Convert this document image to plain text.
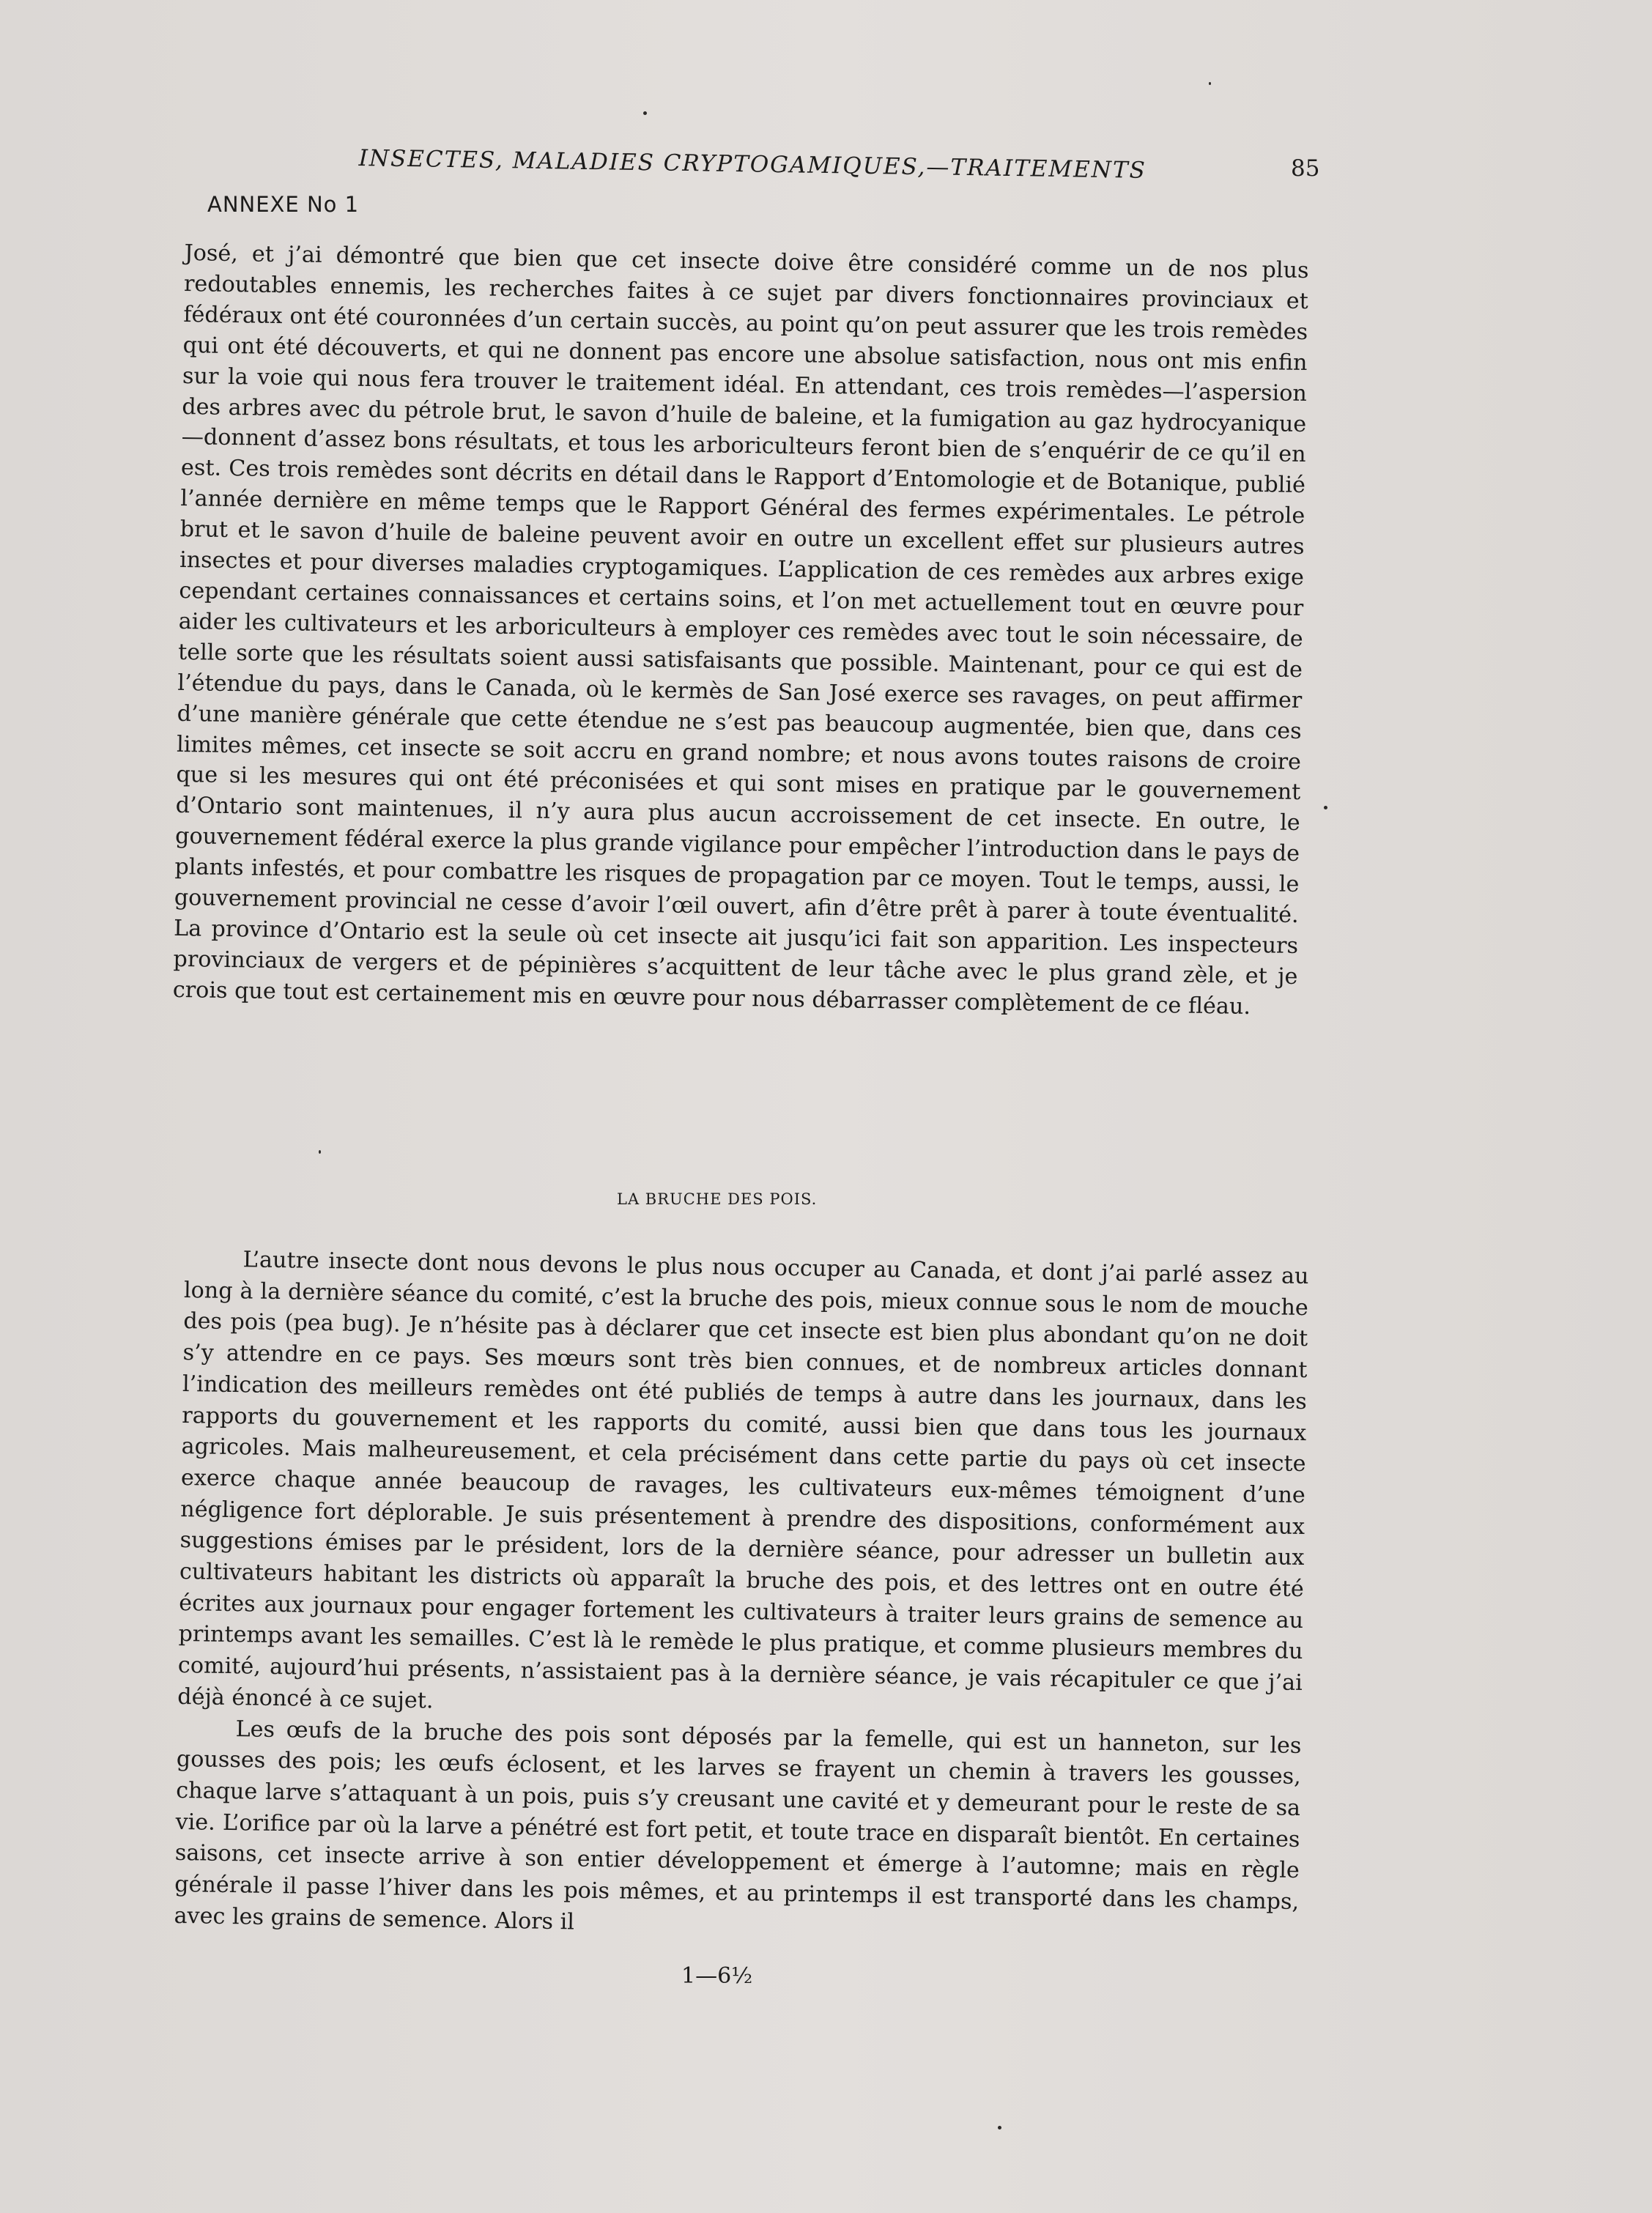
INSECTES, MALADIES CRYPTOGAMIQUES,—TRAITEMENTS	85
ANNEXE No 1

José, et j’ai démontré que bien que cet insecte doive être considéré comme un de nos plus redoutables ennemis, les recherches faites à ce sujet par divers fonctionnaires provinciaux et fédéraux ont été couronnées d’un certain succès, au point qu’on peut assurer que les trois remèdes qui ont été découverts, et qui ne donnent pas encore une absolue satisfaction, nous ont mis enfin sur la voie qui nous fera trouver le traitement idéal. En attendant, ces trois remèdes—l’aspersion des arbres avec du pétrole brut, le savon d’huile de baleine, et la fumigation au gaz hydrocyanique—donnent d’assez bons résultats, et tous les arboriculteurs feront bien de s’enquérir de ce qu’il en est. Ces trois remèdes sont décrits en détail dans le Rapport d’Entomologie et de Botanique, publié l’année dernière en même temps que le Rapport Général des fermes expérimentales. Le pétrole brut et le savon d’huile de baleine peuvent avoir en outre un excellent effet sur plusieurs autres insectes et pour diverses maladies cryptogamiques. L’application de ces remèdes aux arbres exige cependant certaines connaissances et certains soins, et l’on met actuellement tout en œuvre pour aider les cultivateurs et les arboriculteurs à employer ces remèdes avec tout le soin nécessaire, de telle sorte que les résultats soient aussi satisfaisants que possible. Maintenant, pour ce qui est de l’étendue du pays, dans le Canada, où le kermès de San José exerce ses ravages, on peut affirmer d’une manière générale que cette étendue ne s’est pas beaucoup augmentée, bien que, dans ces limites mêmes, cet insecte se soit accru en grand nombre; et nous avons toutes raisons de croire que si les mesures qui ont été préconisées et qui sont mises en pratique par le gouvernement d’Ontario sont maintenues, il n’y aura plus aucun accroissement de cet insecte. En outre, le gouvernement fédéral exerce la plus grande vigilance pour empêcher l’introduction dans le pays de plants infestés, et pour combattre les risques de propagation par ce moyen. Tout le temps, aussi, le gouvernement provincial ne cesse d’avoir l’œil ouvert, afin d’être prêt à parer à toute éventualité. La province d’Ontario est la seule où cet insecte ait jusqu’ici fait son apparition. Les inspecteurs provinciaux de vergers et de pépinières s’acquittent de leur tâche avec le plus grand zèle, et je crois que tout est certainement mis en œuvre pour nous débarrasser complètement de ce fléau.

LA BRUCHE DES POIS.

L’autre insecte dont nous devons le plus nous occuper au Canada, et dont j’ai parlé assez au long à la dernière séance du comité, c’est la bruche des pois, mieux connue sous le nom de mouche des pois (pea bug). Je n’hésite pas à déclarer que cet insecte est bien plus abondant qu’on ne doit s’y attendre en ce pays. Ses mœurs sont très bien connues, et de nombreux articles donnant l’indication des meilleurs remèdes ont été publiés de temps à autre dans les journaux, dans les rapports du gouvernement et les rapports du comité, aussi bien que dans tous les journaux agricoles. Mais malheureusement, et cela précisément dans cette partie du pays où cet insecte exerce chaque année beaucoup de ravages, les cultivateurs eux-mêmes témoignent d’une négligence fort déplorable. Je suis présentement à prendre des dispositions, conformément aux suggestions émises par le président, lors de la dernière séance, pour adresser un bulletin aux cultivateurs habitant les districts où apparaît la bruche des pois, et des lettres ont en outre été écrites aux journaux pour engager fortement les cultivateurs à traiter leurs grains de semence au printemps avant les semailles. C’est là le remède le plus pratique, et comme plusieurs membres du comité, aujourd’hui présents, n’assistaient pas à la dernière séance, je vais récapituler ce que j’ai déjà énoncé à ce sujet.

Les œufs de la bruche des pois sont déposés par la femelle, qui est un hanneton, sur les gousses des pois; les œufs éclosent, et les larves se frayent un chemin à travers les gousses, chaque larve s’attaquant à un pois, puis s’y creusant une cavité et y demeurant pour le reste de sa vie. L’orifice par où la larve a pénétré est fort petit, et toute trace en disparaît bientôt. En certaines saisons, cet insecte arrive à son entier développement et émerge à l’automne; mais en règle générale il passe l’hiver dans les pois mêmes, et au printemps il est transporté dans les champs, avec les grains de semence. Alors il

1—6½
